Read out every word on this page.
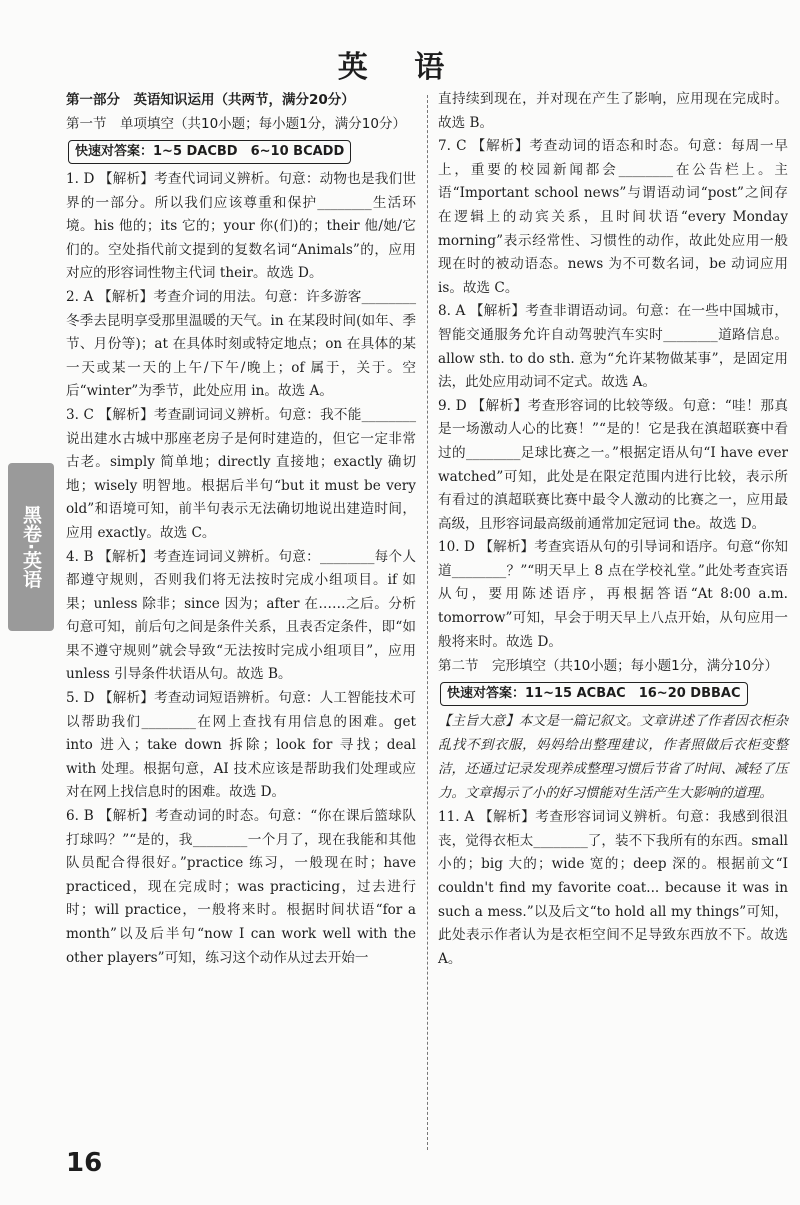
英 语
黑卷·英语

第一部分　英语知识运用（共两节，满分20分）

第一节　单项填空（共10小题；每小题1分，满分10分）

快速对答案：1~5 DACBD　6~10 BCADD

1. D 【解析】考查代词词义辨析。句意：动物也是我们世界的一部分。所以我们应该尊重和保护________生活环境。his 他的；its 它的；your 你(们)的；their 他/她/它们的。空处指代前文提到的复数名词“Animals”的，应用对应的形容词性物主代词 their。故选 D。

2. A 【解析】考查介词的用法。句意：许多游客________冬季去昆明享受那里温暖的天气。in 在某段时间(如年、季节、月份等)；at 在具体时刻或特定地点；on 在具体的某一天或某一天的上午/下午/晚上；of 属于，关于。空后“winter”为季节，此处应用 in。故选 A。

3. C 【解析】考查副词词义辨析。句意：我不能________说出建水古城中那座老房子是何时建造的，但它一定非常古老。simply 简单地；directly 直接地；exactly 确切地；wisely 明智地。根据后半句“but it must be very old”和语境可知，前半句表示无法确切地说出建造时间，应用 exactly。故选 C。

4. B 【解析】考查连词词义辨析。句意：________每个人都遵守规则，否则我们将无法按时完成小组项目。if 如果；unless 除非；since 因为；after 在……之后。分析句意可知，前后句之间是条件关系，且表否定条件，即“如果不遵守规则”就会导致“无法按时完成小组项目”，应用 unless 引导条件状语从句。故选 B。

5. D 【解析】考查动词短语辨析。句意：人工智能技术可以帮助我们________在网上查找有用信息的困难。get into 进入；take down 拆除；look for 寻找；deal with 处理。根据句意，AI 技术应该是帮助我们处理或应对在网上找信息时的困难。故选 D。

6. B 【解析】考查动词的时态。句意：“你在课后篮球队打球吗？”“是的，我________一个月了，现在我能和其他队员配合得很好。”practice 练习，一般现在时；have practiced，现在完成时；was practicing，过去进行时；will practice，一般将来时。根据时间状语“for a month”以及后半句“now I can work well with the other players”可知，练习这个动作从过去开始一

直持续到现在，并对现在产生了影响，应用现在完成时。故选 B。

7. C 【解析】考查动词的语态和时态。句意：每周一早上，重要的校园新闻都会________在公告栏上。主语“Important school news”与谓语动词“post”之间存在逻辑上的动宾关系，且时间状语“every Monday morning”表示经常性、习惯性的动作，故此处应用一般现在时的被动语态。news 为不可数名词，be 动词应用 is。故选 C。

8. A 【解析】考查非谓语动词。句意：在一些中国城市，智能交通服务允许自动驾驶汽车实时________道路信息。allow sth. to do sth. 意为“允许某物做某事”，是固定用法，此处应用动词不定式。故选 A。

9. D 【解析】考查形容词的比较等级。句意：“哇！那真是一场激动人心的比赛！”“是的！它是我在滇超联赛中看过的________足球比赛之一。”根据定语从句“I have ever watched”可知，此处是在限定范围内进行比较，表示所有看过的滇超联赛比赛中最令人激动的比赛之一，应用最高级，且形容词最高级前通常加定冠词 the。故选 D。

10. D 【解析】考查宾语从句的引导词和语序。句意“你知道________？”“明天早上 8 点在学校礼堂。”此处考查宾语从句，要用陈述语序，再根据答语“At 8:00 a.m. tomorrow”可知，早会于明天早上八点开始，从句应用一般将来时。故选 D。

第二节　完形填空（共10小题；每小题1分，满分10分）

快速对答案：11~15 ACBAC　16~20 DBBAC

【主旨大意】本文是一篇记叙文。文章讲述了作者因衣柜杂乱找不到衣服，妈妈给出整理建议，作者照做后衣柜变整洁，还通过记录发现养成整理习惯后节省了时间、减轻了压力。文章揭示了小的好习惯能对生活产生大影响的道理。

11. A 【解析】考查形容词词义辨析。句意：我感到很沮丧，觉得衣柜太________了，装不下我所有的东西。small 小的；big 大的；wide 宽的；deep 深的。根据前文“I couldn't find my favorite coat... because it was in such a mess.”以及后文“to hold all my things”可知，此处表示作者认为是衣柜空间不足导致东西放不下。故选 A。

16
